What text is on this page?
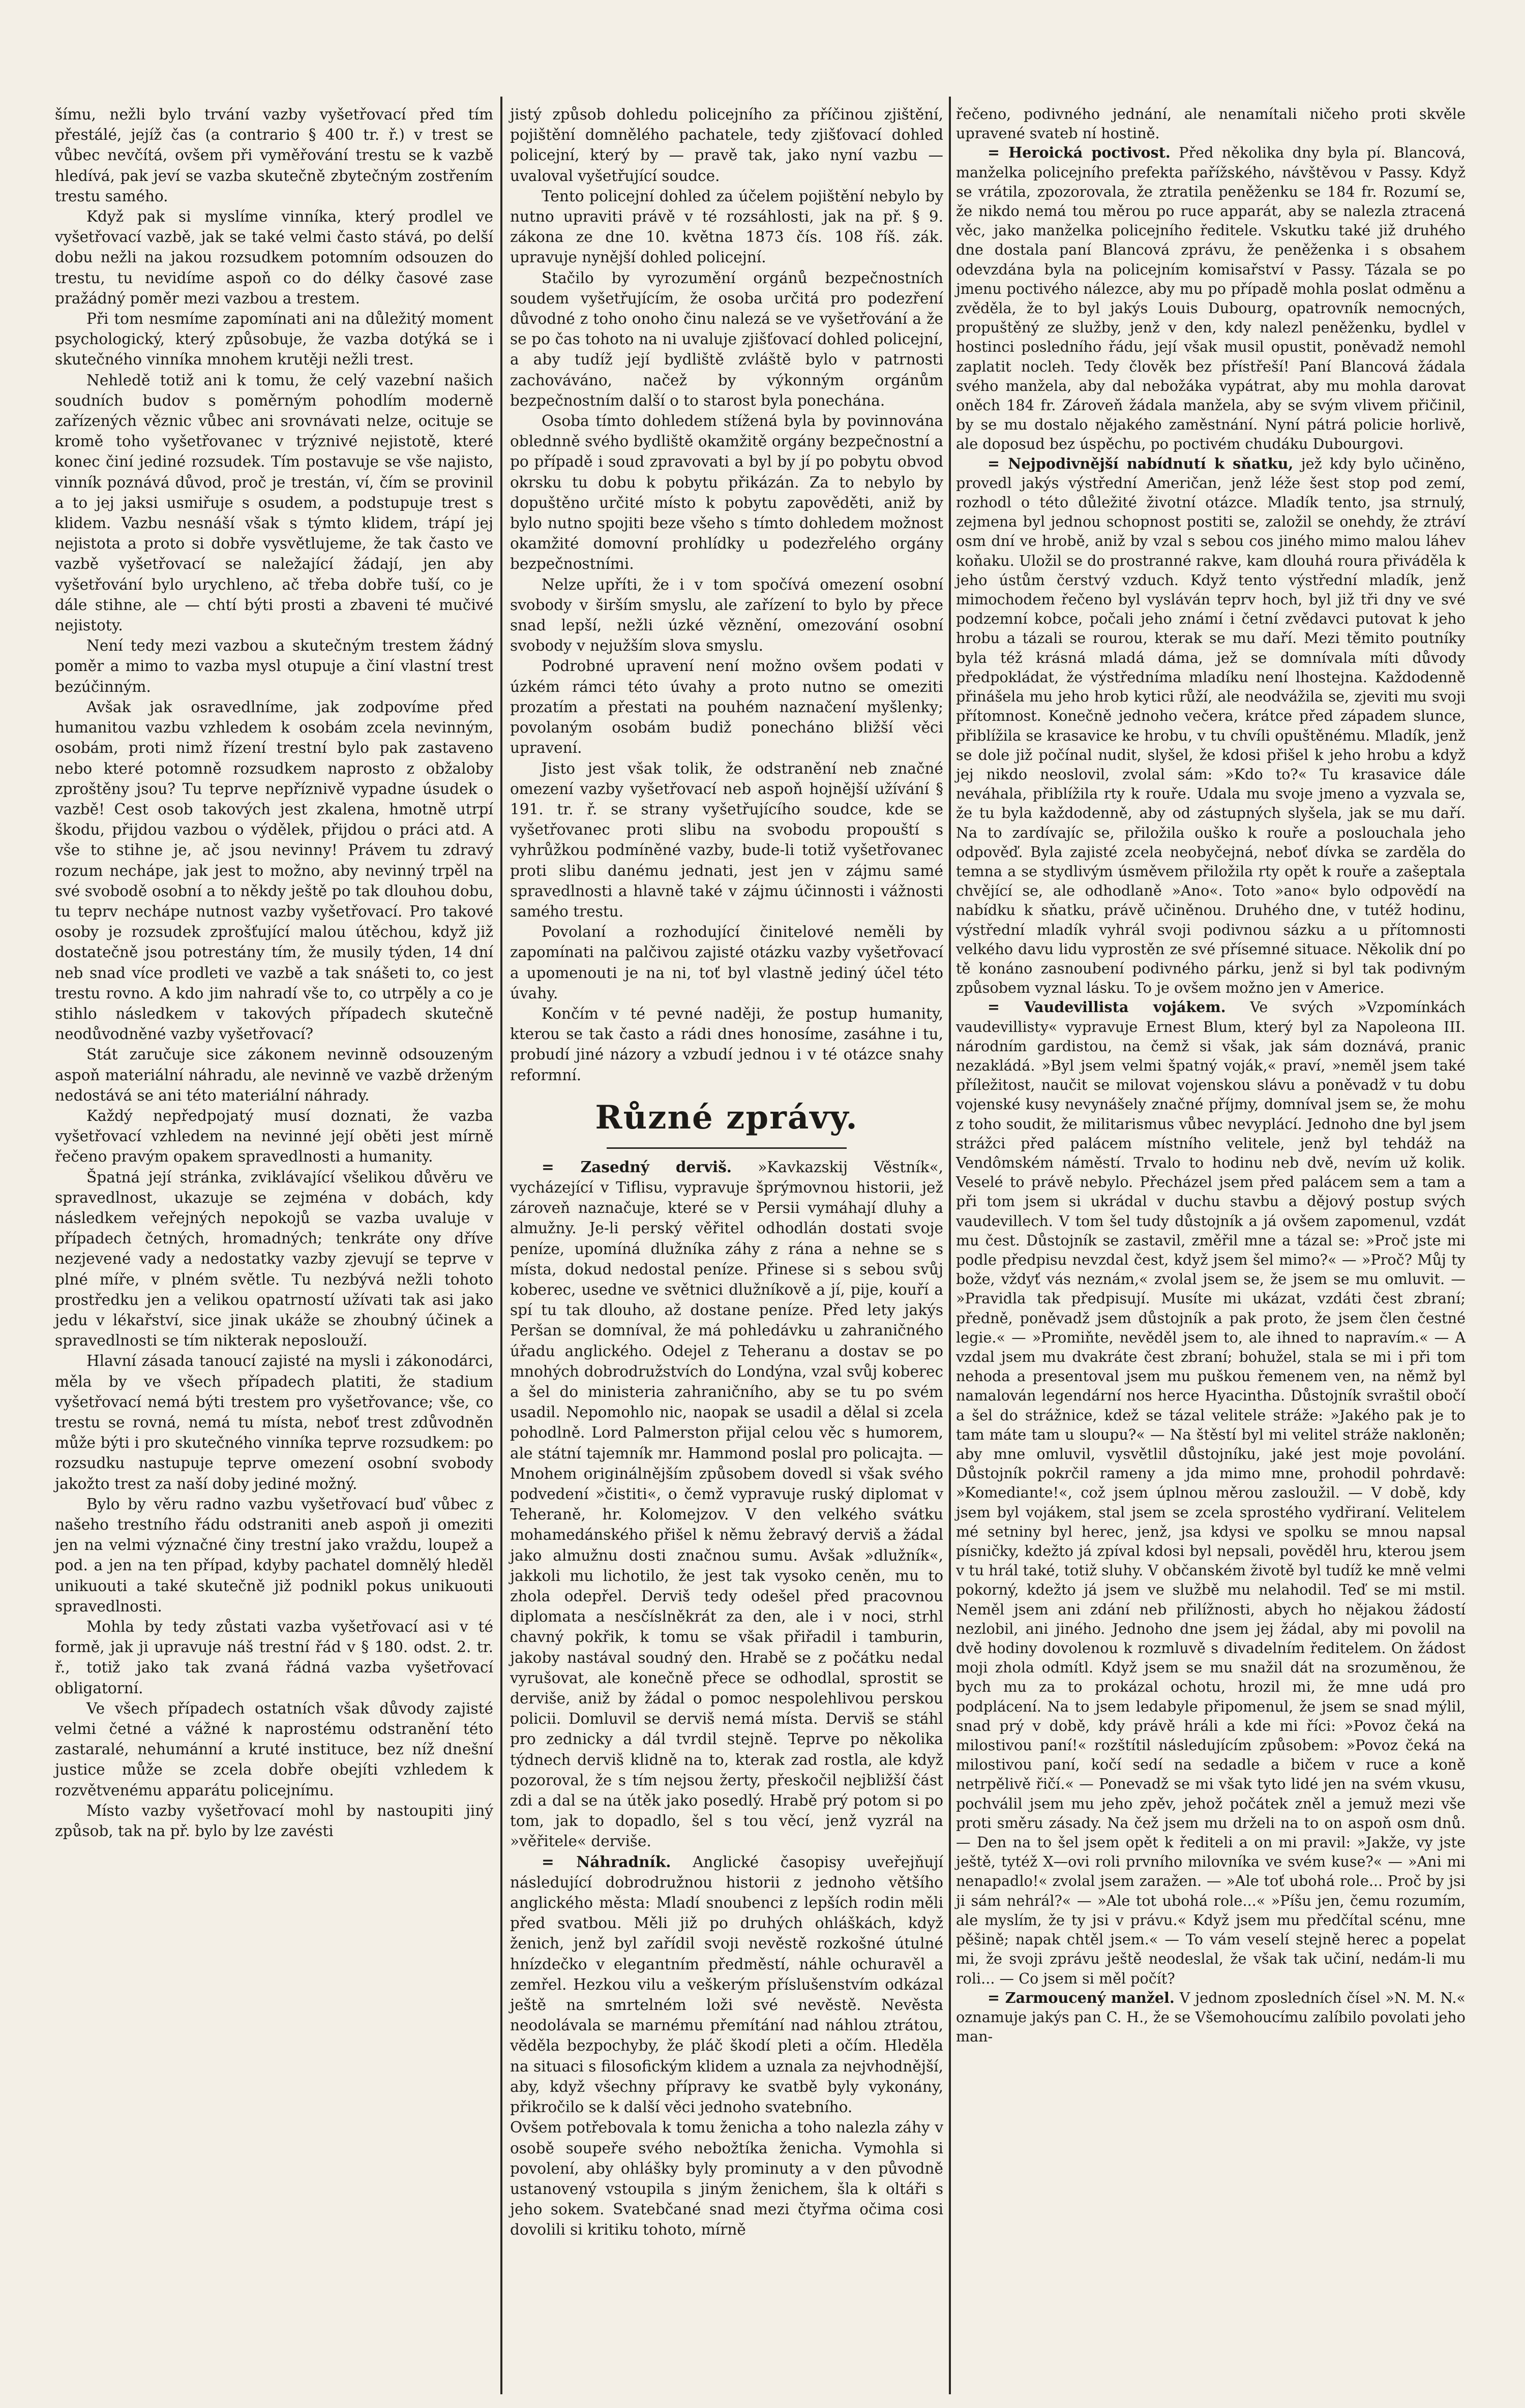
šímu, nežli bylo trvání vazby vyšetřovací před tím přestálé, jejíž čas (a contrario § 400 tr. ř.) v trest se vůbec nevčítá, ovšem při vyměřování trestu se k vazbě hledívá, pak jeví se vazba skutečně zbytečným zostřením trestu samého.

Když pak si myslíme vinníka, který prodlel ve vyšetřovací vazbě, jak se také velmi často stává, po delší dobu nežli na jakou rozsudkem potomním odsouzen do trestu, tu nevidíme aspoň co do délky časové zase pražádný poměr mezi vazbou a trestem.

Při tom nesmíme zapomínati ani na důležitý moment psychologický, který způsobuje, že vazba dotýká se i skutečného vinníka mnohem krutěji nežli trest.

Nehledě totiž ani k tomu, že celý vazební našich soudních budov s poměrným pohodlím moderně zařízených věznic vůbec ani srovnávati nelze, ocituje se kromě toho vyšetřovanec v trýznivé nejistotě, které konec činí jediné rozsudek. Tím postavuje se vše najisto, vinník poznává důvod, proč je trestán, ví, čím se provinil a to jej jaksi usmiřuje s osudem, a podstupuje trest s klidem. Vazbu nesnáší však s týmto klidem, trápí jej nejistota a proto si dobře vysvětlujeme, že tak často ve vazbě vyšetřovací se naležající žádají, jen aby vyšetřování bylo urychleno, ač třeba dobře tuší, co je dále stihne, ale — chtí býti prosti a zbaveni té mučivé nejistoty.

Není tedy mezi vazbou a skutečným trestem žádný poměr a mimo to vazba mysl otupuje a činí vlastní trest bezúčinným.

Avšak jak osravedlníme, jak zodpovíme před humanitou vazbu vzhledem k osobám zcela nevinným, osobám, proti nimž řízení trestní bylo pak zastaveno nebo které potomně rozsudkem naprosto z obžaloby zproštěny jsou? Tu teprve nepříznivě vypadne úsudek o vazbě! Cest osob takových jest zkalena, hmotně utrpí škodu, přijdou vazbou o výdělek, přijdou o práci atd. A vše to stihne je, ač jsou nevinny! Právem tu zdravý rozum nechápe, jak jest to možno, aby nevinný trpěl na své svobodě osobní a to někdy ještě po tak dlouhou dobu, tu teprv nechápe nutnost vazby vyšetřovací. Pro takové osoby je rozsudek zprošťující malou útěchou, když již dostatečně jsou potrestány tím, že musily týden, 14 dní neb snad více prodleti ve vazbě a tak snášeti to, co jest trestu rovno. A kdo jim nahradí vše to, co utrpěly a co je stihlo následkem v takových případech skutečně neodůvodněné vazby vyšetřovací?

Stát zaručuje sice zákonem nevinně odsouzeným aspoň materiální náhradu, ale nevinně ve vazbě drženým nedostává se ani této materiální náhrady.

Každý nepředpojatý musí doznati, že vazba vyšetřovací vzhledem na nevinné její oběti jest mírně řečeno pravým opakem spravedlnosti a humanity.

Špatná její stránka, zviklávající všelikou důvěru ve spravedlnost, ukazuje se zejména v dobách, kdy následkem veřejných nepokojů se vazba uvaluje v případech četných, hromadných; tenkráte ony dříve nezjevené vady a nedostatky vazby zjevují se teprve v plné míře, v plném světle. Tu nezbývá nežli tohoto prostředku jen a velikou opatrností užívati tak asi jako jedu v lékařství, sice jinak ukáže se zhoubný účinek a spravedlnosti se tím nikterak neposlouží.

Hlavní zásada tanoucí zajisté na mysli i zákonodárci, měla by ve všech případech platiti, že stadium vyšetřovací nemá býti trestem pro vyšetřovance; vše, co trestu se rovná, nemá tu místa, neboť trest zdůvodněn může býti i pro skutečného vinníka teprve rozsudkem: po rozsudku nastupuje teprve omezení osobní svobody jakožto trest za naší doby jediné možný.

Bylo by věru radno vazbu vyšetřovací buď vůbec z našeho trestního řádu odstraniti aneb aspoň ji omeziti jen na velmi význačné činy trestní jako vraždu, loupež a pod. a jen na ten případ, kdyby pachatel domnělý hleděl unikuouti a také skutečně již podnikl pokus unikuouti spravedlnosti.

Mohla by tedy zůstati vazba vyšetřovací asi v té formě, jak ji upravuje náš trestní řád v § 180. odst. 2. tr. ř., totiž jako tak zvaná řádná vazba vyšetřovací obligatorní.

Ve všech případech ostatních však důvody zajisté velmi četné a vážné k naprostému odstranění této zastaralé, nehumánní a kruté instituce, bez níž dnešní justice může se zcela dobře obejíti vzhledem k rozvětvenému apparátu policejnímu.

Místo vazby vyšetřovací mohl by nastoupiti jiný způsob, tak na př. bylo by lze zavésti

jistý způsob dohledu policejního za příčinou zjištění, pojištění domnělého pachatele, tedy zjišťovací dohled policejní, který by — pravě tak, jako nyní vazbu — uvaloval vyšetřující soudce.

Tento policejní dohled za účelem pojištění nebylo by nutno upraviti právě v té rozsáhlosti, jak na př. § 9. zákona ze dne 10. května 1873 čís. 108 říš. zák. upravuje nynější dohled policejní.

Stačilo by vyrozumění orgánů bezpečnostních soudem vyšetřujícím, že osoba určitá pro podezření důvodné z toho onoho činu nalezá se ve vyšetřování a že se po čas tohoto na ni uvaluje zjišťovací dohled policejní, a aby tudíž její bydliště zvláště bylo v patrnosti zachováváno, načež by výkonným orgánům bezpečnostním další o to starost byla ponechána.

Osoba tímto dohledem stížená byla by povinnována oblednně svého bydliště okamžitě orgány bezpečnostní a po případě i soud zpravovati a byl by jí po pobytu obvod okrsku tu dobu k pobytu přikázán. Za to nebylo by dopuštěno určité místo k pobytu zapověděti, aniž by bylo nutno spojiti beze všeho s tímto dohledem možnost okamžité domovní prohlídky u podezřelého orgány bezpečnostními.

Nelze upříti, že i v tom spočívá omezení osobní svobody v širším smyslu, ale zařízení to bylo by přece snad lepší, nežli úzké věznění, omezování osobní svobody v nejužším slova smyslu.

Podrobné upravení není možno ovšem podati v úzkém rámci této úvahy a proto nutno se omeziti prozatím a přestati na pouhém naznačení myšlenky; povolaným osobám budiž ponecháno bližší věci upravení.

Jisto jest však tolik, že odstranění neb značné omezení vazby vyšetřovací neb aspoň hojnější užívání § 191. tr. ř. se strany vyšetřujícího soudce, kde se vyšetřovanec proti slibu na svobodu propouští s vyhrůžkou podmíněné vazby, bude-li totiž vyšetřovanec proti slibu danému jednati, jest jen v zájmu samé spravedlnosti a hlavně také v zájmu účinnosti i vážnosti samého trestu.

Povolaní a rozhodující činitelové neměli by zapomínati na palčivou zajisté otázku vazby vyšetřovací a upomenouti je na ni, toť byl vlastně jediný účel této úvahy.

Končím v té pevné naději, že postup humanity, kterou se tak často a rádi dnes honosíme, zasáhne i tu, probudí jiné názory a vzbudí jednou i v té otázce snahy reformní.

Různé zprávy.

= Zasedný derviš. »Kavkazskij Věstník«, vycházející v Tiflisu, vypravuje šprýmovnou historii, jež zároveň naznačuje, které se v Persii vymáhají dluhy a almužny. Je-li perský věřitel odhodlán dostati svoje peníze, upomíná dlužníka záhy z rána a nehne se s místa, dokud nedostal peníze. Přinese si s sebou svůj koberec, usedne ve světnici dlužníkově a jí, pije, kouří a spí tu tak dlouho, až dostane peníze. Před lety jakýs Peršan se domníval, že má pohledávku u zahraničného úřadu anglického. Odejel z Teheranu a dostav se po mnohých dobrodružstvích do Londýna, vzal svůj koberec a šel do ministeria zahraničního, aby se tu po svém usadil. Nepomohlo nic, naopak se usadil a dělal si zcela pohodlně. Lord Palmerston přijal celou věc s humorem, ale státní tajemník mr. Hammond poslal pro policajta. — Mnohem originálnějším způsobem dovedl si však svého podvedení »čistiti«, o čemž vypravuje ruský diplomat v Teheraně, hr. Kolomejzov. V den velkého svátku mohamedánského přišel k němu žebravý derviš a žádal jako almužnu dosti značnou sumu. Avšak »dlužník«, jakkoli mu lichotilo, že jest tak vysoko ceněn, mu to zhola odepřel. Derviš tedy odešel před pracovnou diplomata a nesčíslněkrát za den, ale i v noci, strhl chavný pokřik, k tomu se však přiřadil i tamburin, jakoby nastával soudný den. Hrabě se z počátku nedal vyrušovat, ale konečně přece se odhodlal, sprostit se derviše, aniž by žádal o pomoc nespolehlivou perskou policii. Domluvil se derviš nemá místa. Derviš se stáhl pro zednicky a dál tvrdil stejně. Teprve po několika týdnech derviš klidně na to, kterak zad rostla, ale když pozoroval, že s tím nejsou žerty, přeskočil nejbližší část zdi a dal se na útěk jako posedlý. Hrabě prý potom si po tom, jak to dopadlo, šel s tou věcí, jenž vyzrál na »věřitele« derviše.

= Náhradník. Anglické časopisy uveřejňují následující dobrodružnou historii z jednoho většího anglického města: Mladí snoubenci z lepších rodin měli před svatbou. Měli již po druhých ohláškách, když ženich, jenž byl zařídil svoji nevěstě rozkošné útulné hnízdečko v elegantním předměstí, náhle ochuravěl a zemřel. Hezkou vilu a veškerým příslušenstvím odkázal ještě na smrtelném loži své nevěstě. Nevěsta neodolávala se marnému přemítání nad náhlou ztrátou, věděla bezpochyby, že pláč škodí pleti a očím. Hleděla na situaci s filosofickým klidem a uznala za nejvhodnější, aby, když všechny přípravy ke svatbě byly vykonány, přikročilo se k další věci jednoho svatebního.

Ovšem potřebovala k tomu ženicha a toho nalezla záhy v osobě soupeře svého nebožtíka ženicha. Vymohla si povolení, aby ohlášky byly prominuty a v den původně ustanovený vstoupila s jiným ženichem, šla k oltáři s jeho sokem. Svatebčané snad mezi čtyřma očima cosi dovolili si kritiku tohoto, mírně

řečeno, podivného jednání, ale nenamítali ničeho proti skvěle upravené svateb ní hostině.

= Heroická poctivost. Před několika dny byla pí. Blancová, manželka policejního prefekta pařížského, návštěvou v Passy. Když se vrátila, zpozorovala, že ztratila peněženku se 184 fr. Rozumí se, že nikdo nemá tou měrou po ruce apparát, aby se nalezla ztracená věc, jako manželka policejního ředitele. Vskutku také již druhého dne dostala paní Blancová zprávu, že peněženka i s obsahem odevzdána byla na policejním komisařství v Passy. Tázala se po jmenu poctivého nálezce, aby mu po případě mohla poslat odměnu a zvěděla, že to byl jakýs Louis Dubourg, opatrovník nemocných, propuštěný ze služby, jenž v den, kdy nalezl peněženku, bydlel v hostinci posledního řádu, její však musil opustit, poněvadž nemohl zaplatit nocleh. Tedy člověk bez přístřeší! Paní Blancová žádala svého manžela, aby dal nebožáka vypátrat, aby mu mohla darovat oněch 184 fr. Zároveň žádala manžela, aby se svým vlivem přičinil, by se mu dostalo nějakého zaměstnání. Nyní pátrá policie horlivě, ale doposud bez úspěchu, po poctivém chudáku Dubourgovi.

= Nejpodivnější nabídnutí k sňatku, jež kdy bylo učiněno, provedl jakýs výstřední Američan, jenž léže šest stop pod zemí, rozhodl o této důležité životní otázce. Mladík tento, jsa strnulý, zejmena byl jednou schopnost postiti se, založil se onehdy, že ztráví osm dní ve hrobě, aniž by vzal s sebou cos jiného mimo malou láhev koňaku. Uložil se do prostranné rakve, kam dlouhá roura přiváděla k jeho ústům čerstvý vzduch. Když tento výstřední mladík, jenž mimochodem řečeno byl vysláván teprv hoch, byl již tři dny ve své podzemní kobce, počali jeho známí i četní zvědavci putovat k jeho hrobu a tázali se rourou, kterak se mu daří. Mezi těmito poutníky byla též krásná mladá dáma, jež se domnívala míti důvody předpokládat, že výstředníma mladíku není lhostejna. Každodenně přinášela mu jeho hrob kytici růží, ale neodvážila se, zjeviti mu svoji přítomnost. Konečně jednoho večera, krátce před západem slunce, přiblížila se krasavice ke hrobu, v tu chvíli opuštěnému. Mladík, jenž se dole již počínal nudit, slyšel, že kdosi přišel k jeho hrobu a když jej nikdo neoslovil, zvolal sám: »Kdo to?« Tu krasavice dále neváhala, přiblížila rty k rouře. Udala mu svoje jmeno a vyzvala se, že tu byla každodenně, aby od zástupných slyšela, jak se mu daří. Na to zardívajíc se, přiložila ouško k rouře a poslouchala jeho odpověď. Byla zajisté zcela neobyčejná, neboť dívka se zarděla do temna a se stydlivým úsměvem přiložila rty opět k rouře a zašeptala chvějící se, ale odhodlaně »Ano«. Toto »ano« bylo odpovědí na nabídku k sňatku, právě učiněnou. Druhého dne, v tutéž hodinu, výstřední mladík vyhrál svoji podivnou sázku a u přítomnosti velkého davu lidu vyprostěn ze své přísemné situace. Několik dní po tě konáno zasnoubení podivného párku, jenž si byl tak podivným způsobem vyznal lásku. To je ovšem možno jen v Americe.

= Vaudevillista vojákem. Ve svých »Vzpomínkách vaudevillisty« vypravuje Ernest Blum, který byl za Napoleona III. národním gardistou, na čemž si však, jak sám doznává, pranic nezakládá. »Byl jsem velmi špatný voják,« praví, »neměl jsem také příležitost, naučit se milovat vojenskou slávu a poněvadž v tu dobu vojenské kusy nevynášely značné příjmy, domníval jsem se, že mohu z toho soudit, že militarismus vůbec nevyplácí. Jednoho dne byl jsem strážci před palácem místního velitele, jenž byl tehdáž na Vendômském náměstí. Trvalo to hodinu neb dvě, nevím už kolik. Veselé to právě nebylo. Přecházel jsem před palácem sem a tam a při tom jsem si ukrádal v duchu stavbu a dějový postup svých vaudevillech. V tom šel tudy důstojník a já ovšem zapomenul, vzdát mu čest. Důstojník se zastavil, změřil mne a tázal se: »Proč jste mi podle předpisu nevzdal čest, když jsem šel mimo?« — »Proč? Můj ty bože, vždyť vás neznám,« zvolal jsem se, že jsem se mu omluvit. — »Pravidla tak předpisují. Musíte mi ukázat, vzdáti čest zbraní; předně, poněvadž jsem důstojník a pak proto, že jsem člen čestné legie.« — »Promiňte, nevěděl jsem to, ale ihned to napravím.« — A vzdal jsem mu dvakráte čest zbraní; bohužel, stala se mi i při tom nehoda a presentoval jsem mu puškou řemenem ven, na němž byl namalován legendární nos herce Hyacintha. Důstojník svraštil obočí a šel do strážnice, kdež se tázal velitele stráže: »Jakého pak je to tam máte tam u sloupu?« — Na štěstí byl mi velitel stráže nakloněn; aby mne omluvil, vysvětlil důstojníku, jaké jest moje povolání. Důstojník pokrčil rameny a jda mimo mne, prohodil pohrdavě: »Komediante!«, což jsem úplnou měrou zasloužil. — V době, kdy jsem byl vojákem, stal jsem se zcela sprostého vydřiraní. Velitelem mé setniny byl herec, jenž, jsa kdysi ve spolku se mnou napsal písničky, kdežto já zpíval kdosi byl nepsali, pověděl hru, kterou jsem v tu hrál také, totiž sluhy. V občanském životě byl tudíž ke mně velmi pokorný, kdežto já jsem ve službě mu nelahodil. Teď se mi mstil. Neměl jsem ani zdání neb přilížnosti, abych ho nějakou žádostí nezlobil, ani jiného. Jednoho dne jsem jej žádal, aby mi povolil na dvě hodiny dovolenou k rozmluvě s divadelním ředitelem. On žádost moji zhola odmítl. Když jsem se mu snažil dát na srozuměnou, že bych mu za to prokázal ochotu, hrozil mi, že mne udá pro podplácení. Na to jsem ledabyle připomenul, že jsem se snad mýlil, snad prý v době, kdy právě hráli a kde mi říci: »Povoz čeká na milostivou paní!« rozštítil následujícím způsobem: »Povoz čeká na milostivou paní, kočí sedí na sedadle a bičem v ruce a koně netrpělivě řičí.« — Ponevadž se mi však tyto lidé jen na svém vkusu, pochválil jsem mu jeho zpěv, jehož počátek zněl a jemuž mezi vše proti směru zásady. Na čež jsem mu drželi na to on aspoň osm dnů. — Den na to šel jsem opět k řediteli a on mi pravil: »Jakže, vy jste ještě, tytéž X—ovi roli prvního milovníka ve svém kuse?« — »Ani mi nenapadlo!« zvolal jsem zaražen. — »Ale toť ubohá role... Proč by jsi ji sám nehrál?« — »Ale tot ubohá role...« »Píšu jen, čemu rozumím, ale myslím, že ty jsi v právu.« Když jsem mu předčítal scénu, mne pěšině; napak chtěl jsem.« — To vám veselí stejně herec a popelat mi, že svoji zprávu ještě neodeslal, že však tak učiní, nedám-li mu roli... — Co jsem si měl počít?

= Zarmoucený manžel. V jednom zposledních čísel »N. M. N.« oznamuje jakýs pan C. H., že se Všemohoucímu zalíbilo povolati jeho man-
